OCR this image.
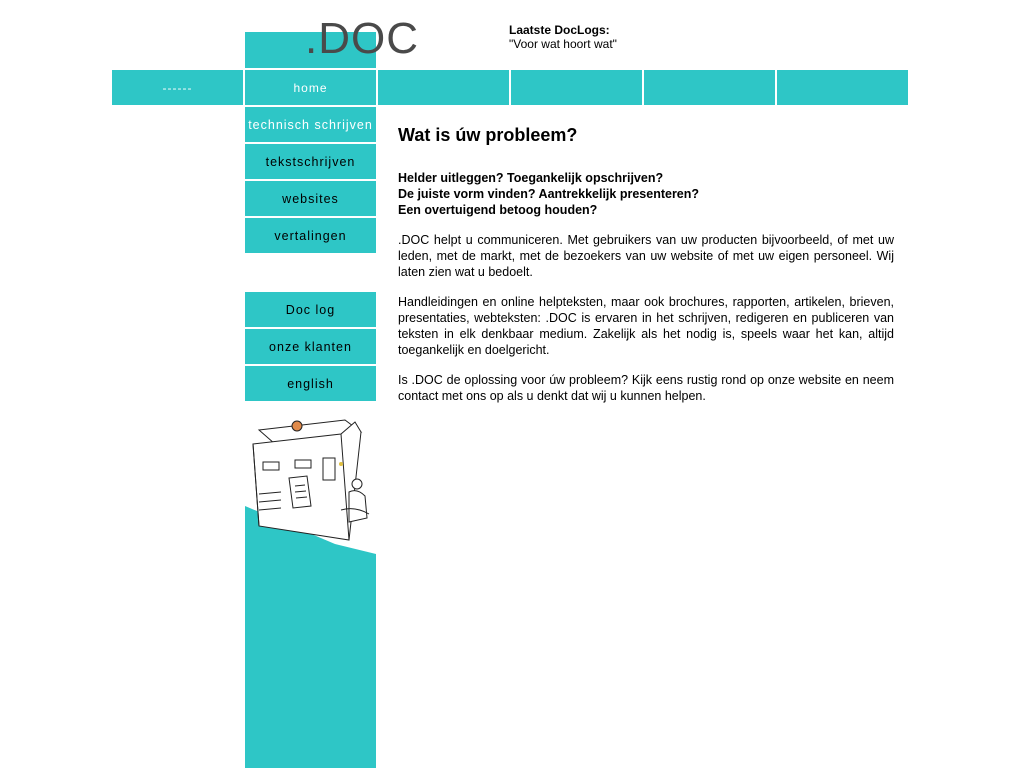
.DOC	Laatste DocLogs:
"Voor wat hoort wat"
------	home
technisch schrijven
tekstschrijven
websites
vertalingen
Doc log
onze klanten
english
Wat is úw probleem?

Helder uitleggen? Toegankelijk opschrijven?
De juiste vorm vinden? Aantrekkelijk presenteren?
Een overtuigend betoog houden?

.DOC helpt u communiceren. Met gebruikers van uw producten bijvoorbeeld, of met uw leden, met de markt, met de bezoekers van uw website of met uw eigen personeel. Wij laten zien wat u bedoelt.

Handleidingen en online helpteksten, maar ook brochures, rapporten, artikelen, brieven, presentaties, webteksten: .DOC is ervaren in het schrijven, redigeren en publiceren van teksten in elk denkbaar medium. Zakelijk als het nodig is, speels waar het kan, altijd toegankelijk en doelgericht.

Is .DOC de oplossing voor úw probleem? Kijk eens rustig rond op onze website en neem contact met ons op als u denkt dat wij u kunnen helpen.
